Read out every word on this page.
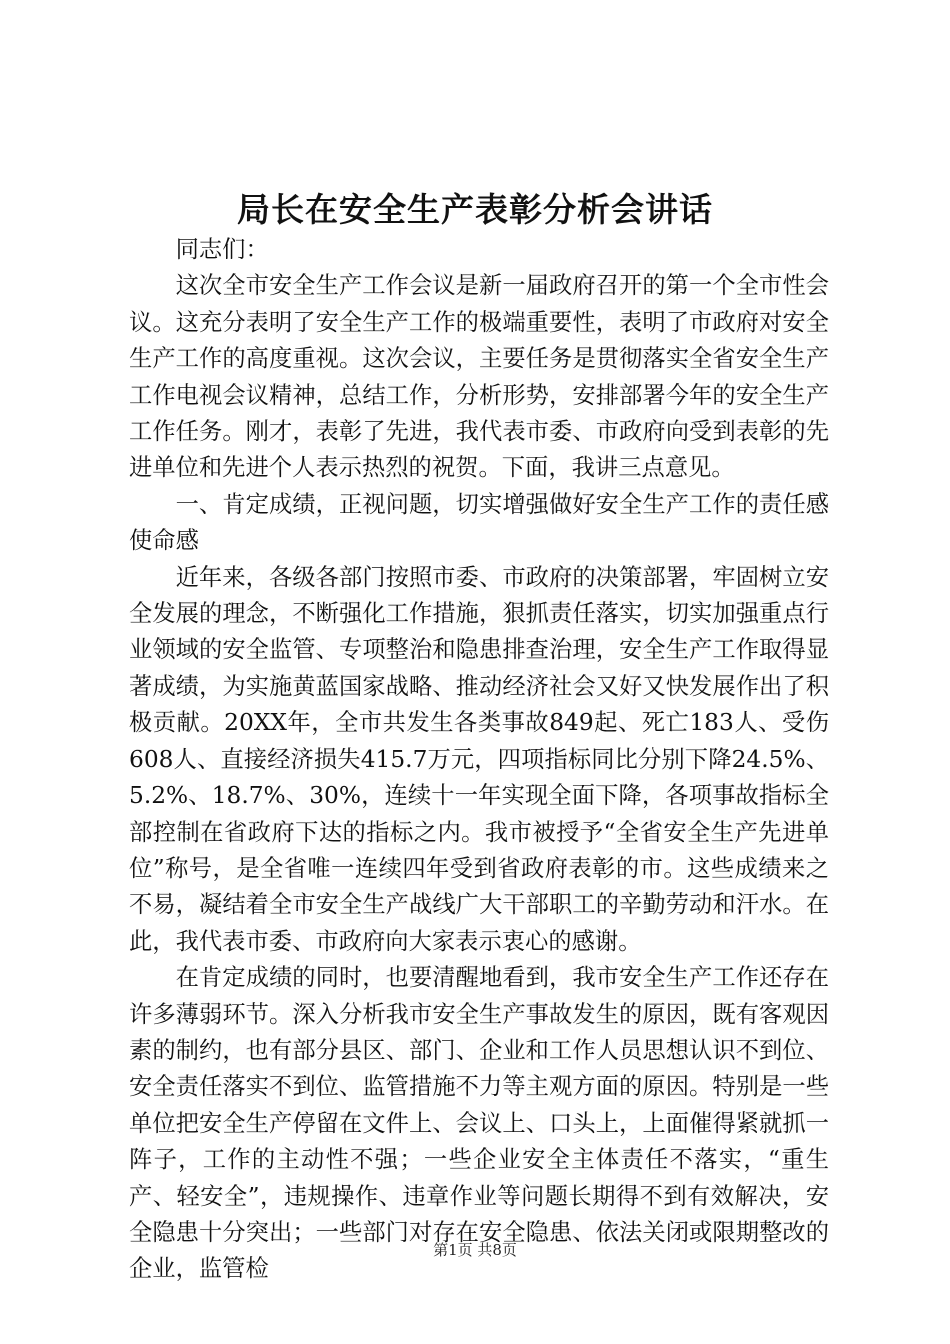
局长在安全生产表彰分析会讲话

同志们：

这次全市安全生产工作会议是新一届政府召开的第一个全市性会议。这充分表明了安全生产工作的极端重要性，表明了市政府对安全生产工作的高度重视。这次会议，主要任务是贯彻落实全省安全生产工作电视会议精神，总结工作，分析形势，安排部署今年的安全生产工作任务。刚才，表彰了先进，我代表市委、市政府向受到表彰的先进单位和先进个人表示热烈的祝贺。下面，我讲三点意见。

一、肯定成绩，正视问题，切实增强做好安全生产工作的责任感使命感

近年来，各级各部门按照市委、市政府的决策部署，牢固树立安全发展的理念，不断强化工作措施，狠抓责任落实，切实加强重点行业领域的安全监管、专项整治和隐患排查治理，安全生产工作取得显著成绩，为实施黄蓝国家战略、推动经济社会又好又快发展作出了积极贡献。20XX年，全市共发生各类事故849起、死亡183人、受伤608人、直接经济损失415.7万元，四项指标同比分别下降24.5%、5.2%、18.7%、30%，连续十一年实现全面下降，各项事故指标全部控制在省政府下达的指标之内。我市被授予“全省安全生产先进单位”称号，是全省唯一连续四年受到省政府表彰的市。这些成绩来之不易，凝结着全市安全生产战线广大干部职工的辛勤劳动和汗水。在此，我代表市委、市政府向大家表示衷心的感谢。

在肯定成绩的同时，也要清醒地看到，我市安全生产工作还存在许多薄弱环节。深入分析我市安全生产事故发生的原因，既有客观因素的制约，也有部分县区、部门、企业和工作人员思想认识不到位、安全责任落实不到位、监管措施不力等主观方面的原因。特别是一些单位把安全生产停留在文件上、会议上、口头上，上面催得紧就抓一阵子，工作的主动性不强；一些企业安全主体责任不落实，“重生产、轻安全”，违规操作、违章作业等问题长期得不到有效解决，安全隐患十分突出；一些部门对存在安全隐患、依法关闭或限期整改的企业，监管检

第1页 共8页
